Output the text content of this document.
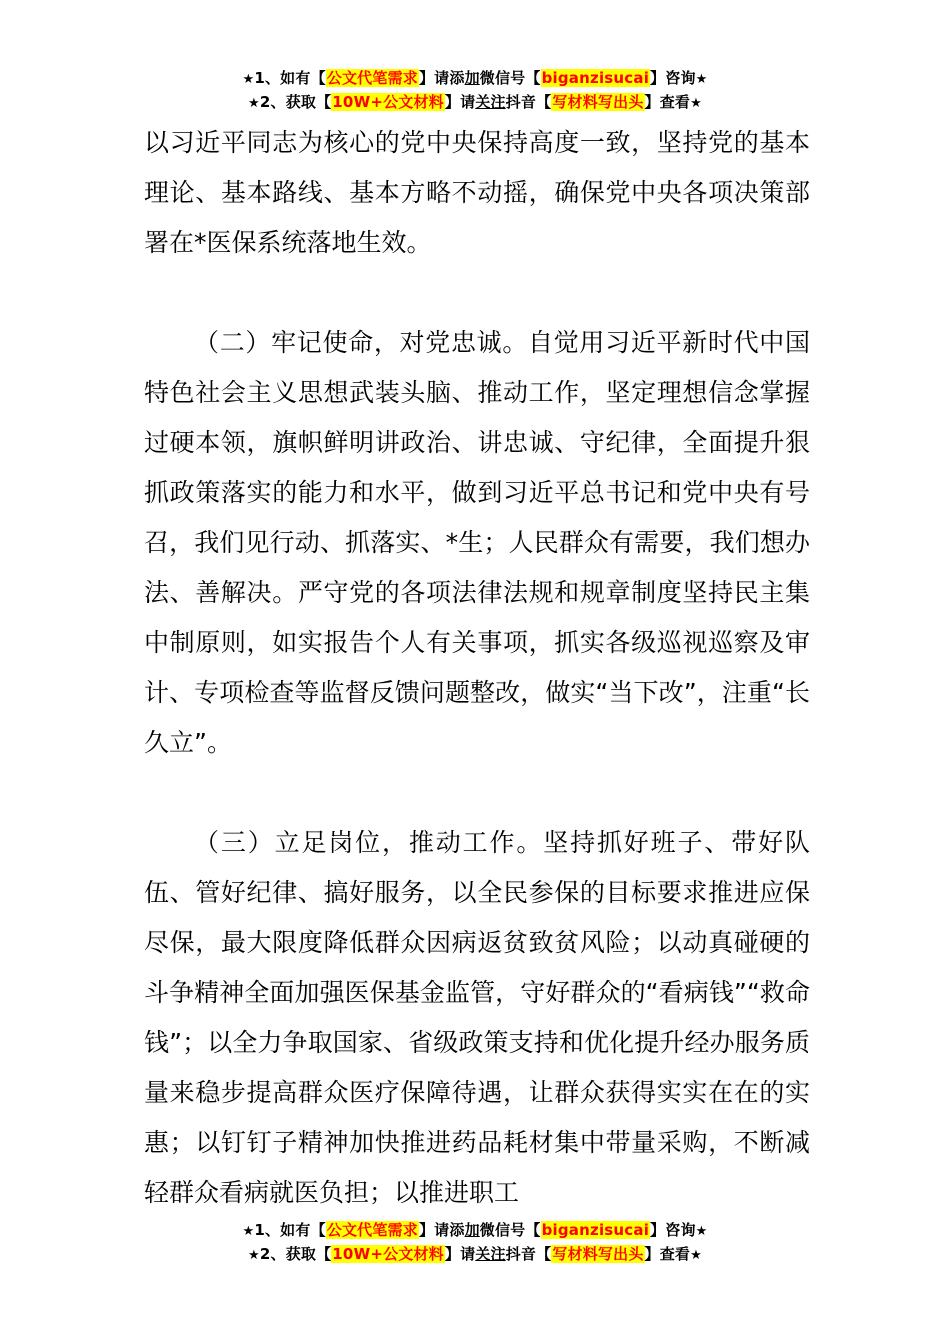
★1、如有【公文代笔需求】请添加微信号【biganzisucai】咨询★
★2、获取【10W+公文材料】请关注抖音【写材料写出头】查看★

以习近平同志为核心的党中央保持高度一致，坚持党的基本理论、基本路线、基本方略不动摇，确保党中央各项决策部署在*医保系统落地生效。

（二）牢记使命，对党忠诚。自觉用习近平新时代中国特色社会主义思想武装头脑、推动工作，坚定理想信念掌握过硬本领，旗帜鲜明讲政治、讲忠诚、守纪律，全面提升狠抓政策落实的能力和水平，做到习近平总书记和党中央有号召，我们见行动、抓落实、*生；人民群众有需要，我们想办法、善解决。严守党的各项法律法规和规章制度坚持民主集中制原则，如实报告个人有关事项，抓实各级巡视巡察及审计、专项检查等监督反馈问题整改，做实“当下改”，注重“长久立”。

（三）立足岗位，推动工作。坚持抓好班子、带好队伍、管好纪律、搞好服务，以全民参保的目标要求推进应保尽保，最大限度降低群众因病返贫致贫风险；以动真碰硬的斗争精神全面加强医保基金监管，守好群众的“看病钱”“救命钱”；以全力争取国家、省级政策支持和优化提升经办服务质量来稳步提高群众医疗保障待遇，让群众获得实实在在的实惠；以钉钉子精神加快推进药品耗材集中带量采购，不断减轻群众看病就医负担；以推进职工

★1、如有【公文代笔需求】请添加微信号【biganzisucai】咨询★
★2、获取【10W+公文材料】请关注抖音【写材料写出头】查看★
